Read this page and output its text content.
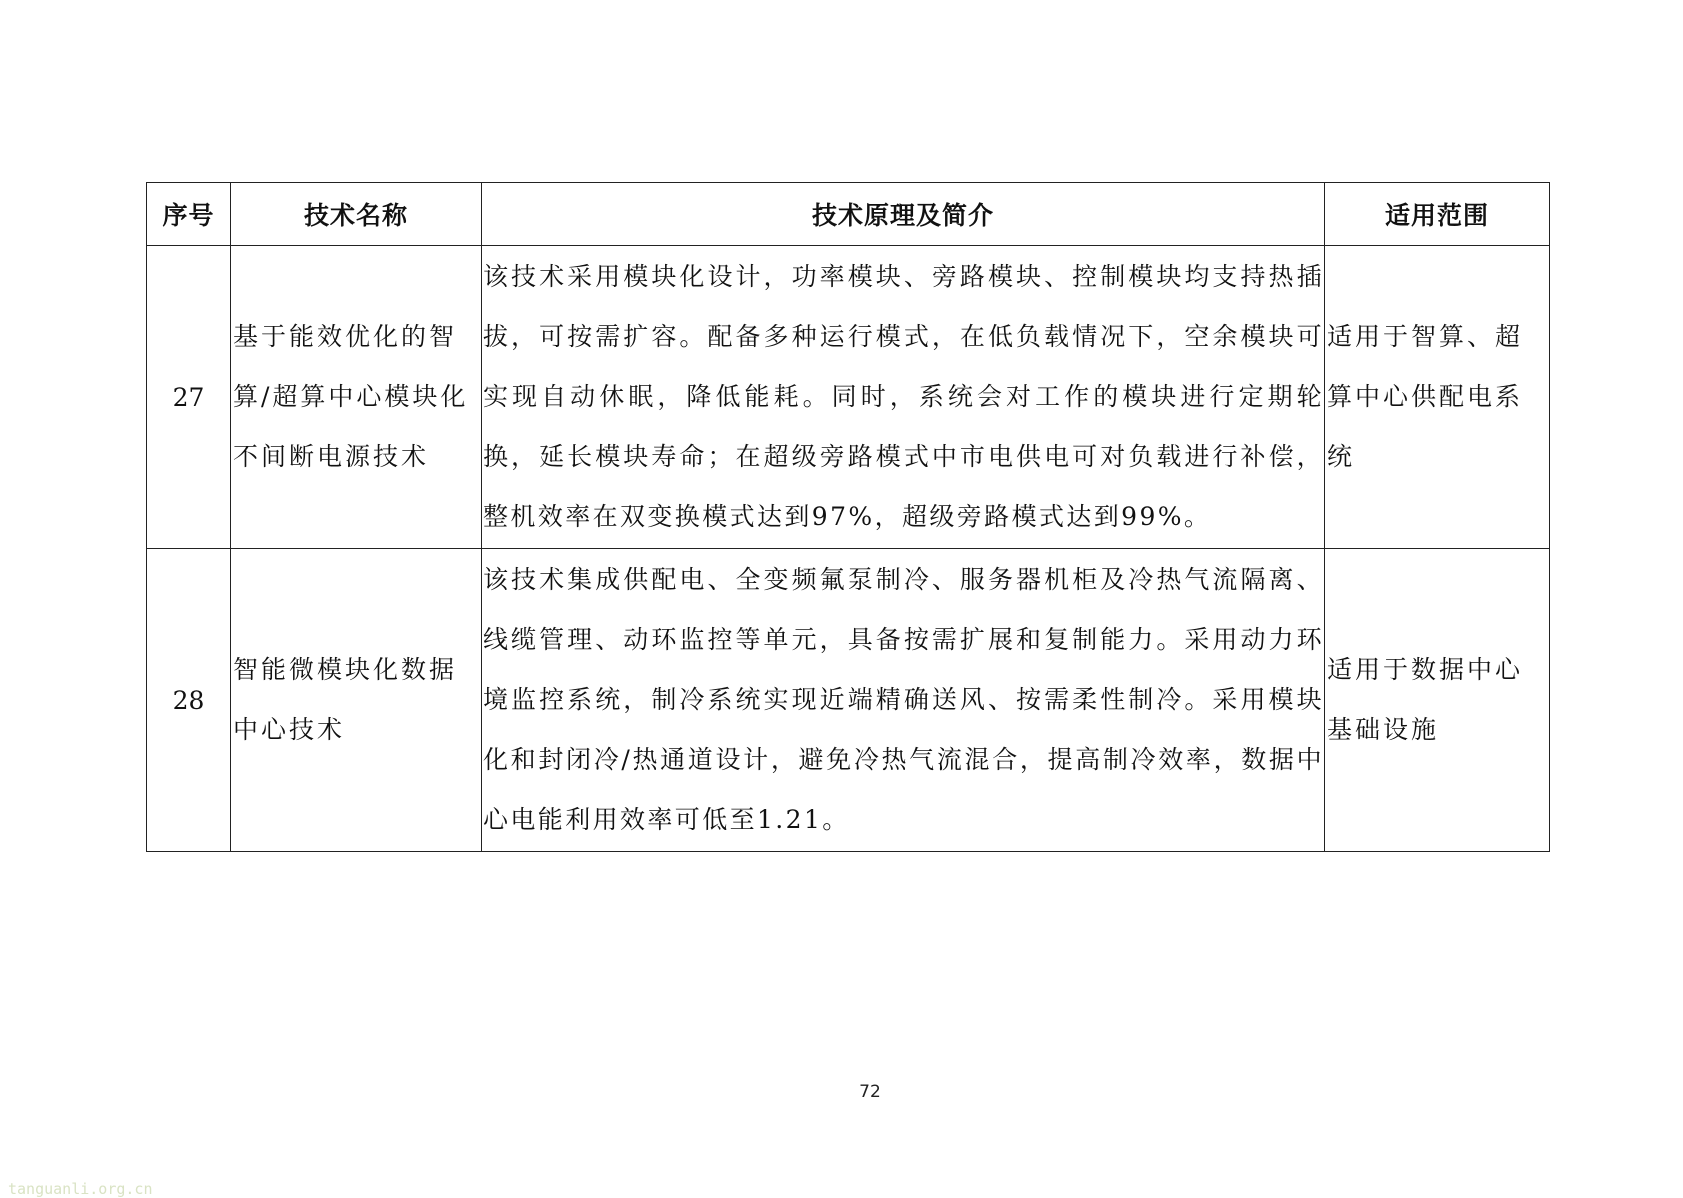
序号	技术名称	技术原理及简介	适用范围
27	基于能效优化的智算/超算中心模块化不间断电源技术	该技术采用模块化设计，功率模块、旁路模块、控制模块均支持热插拔，可按需扩容。配备多种运行模式，在低负载情况下，空余模块可实现自动休眠，降低能耗。同时，系统会对工作的模块进行定期轮换，延长模块寿命；在超级旁路模式中市电供电可对负载进行补偿，整机效率在双变换模式达到97%，超级旁路模式达到99%。	适用于智算、超算中心供配电系统
28	智能微模块化数据中心技术	该技术集成供配电、全变频氟泵制冷、服务器机柜及冷热气流隔离、线缆管理、动环监控等单元，具备按需扩展和复制能力。采用动力环境监控系统，制冷系统实现近端精确送风、按需柔性制冷。采用模块化和封闭冷/热通道设计，避免冷热气流混合，提高制冷效率，数据中心电能利用效率可低至1.21。	适用于数据中心基础设施
72
tanguanli.org.cn
